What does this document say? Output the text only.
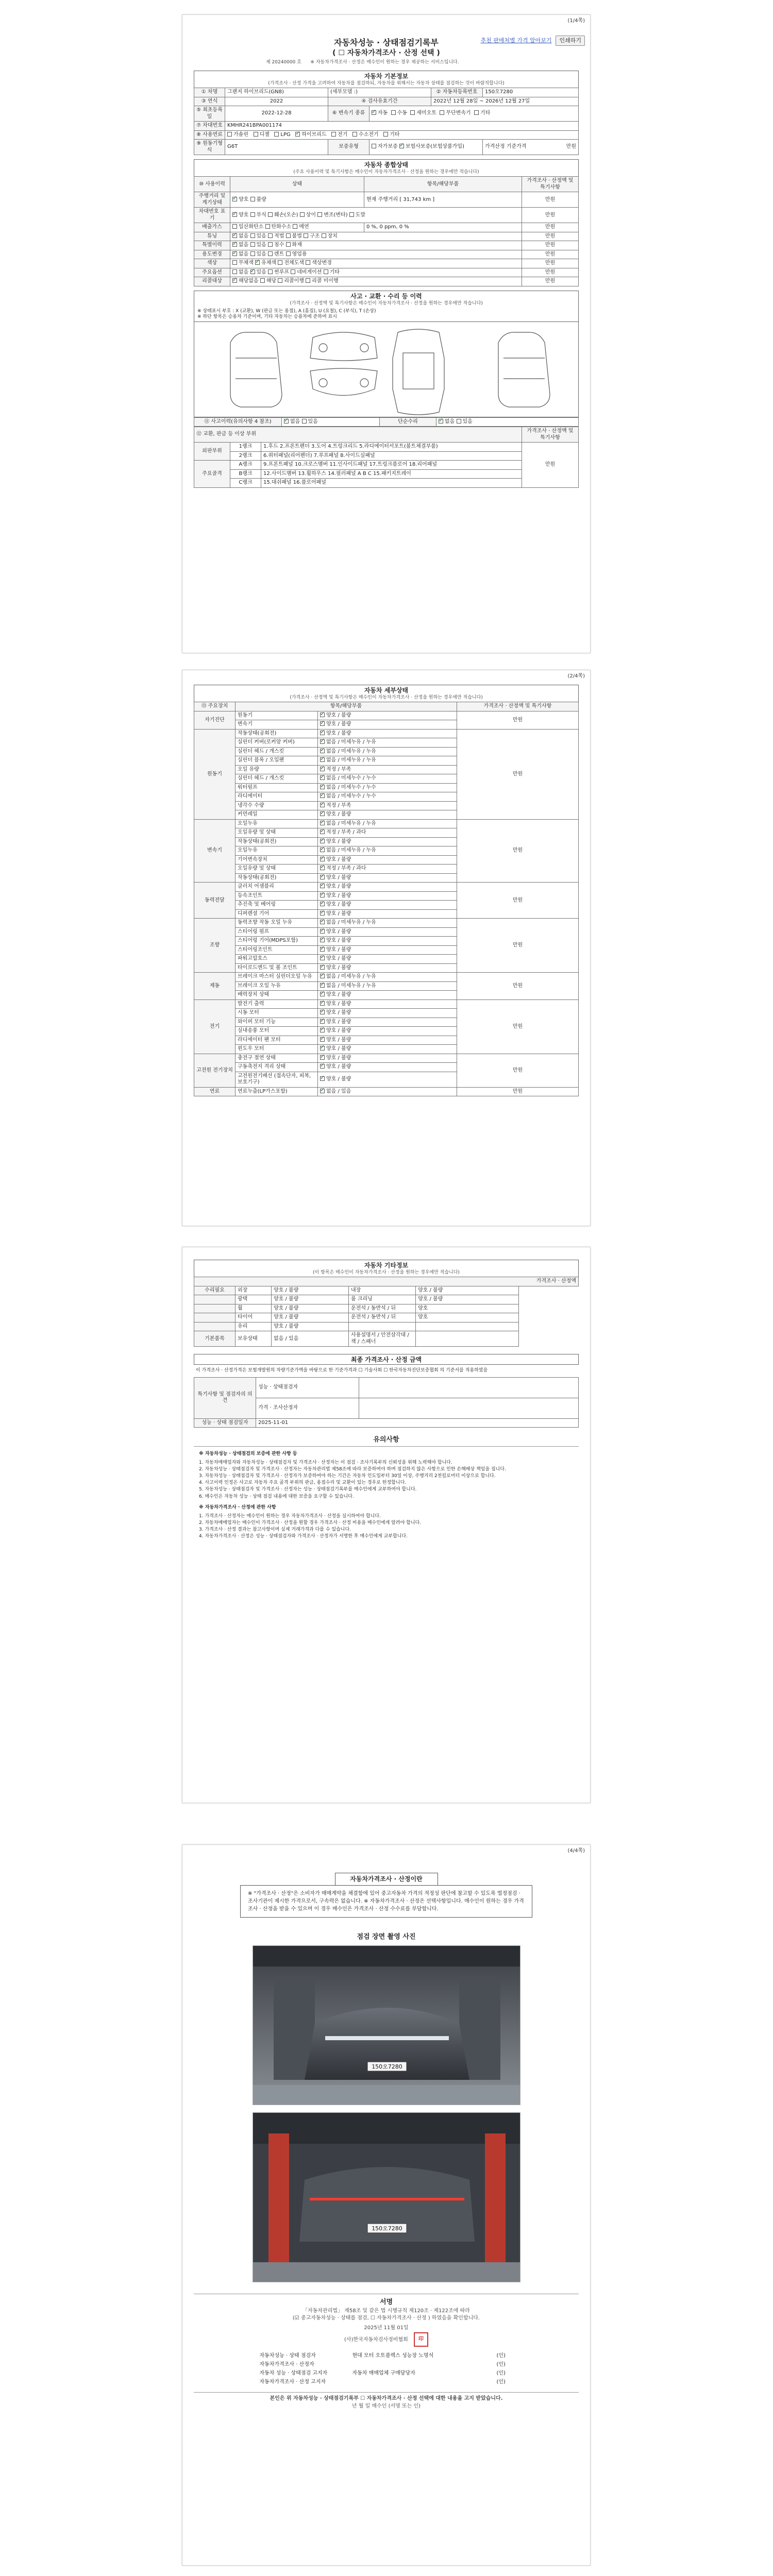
(1/4쪽)
추천 판매처별 가격 알아보기	인쇄하기
자동차성능 · 상태점검기록부
( ☐ 자동차가격조사 · 산정 선택 )
제 20240000 호 ※ 자동차가격조사 · 산정은 매수인이 원하는 경우 제공하는 서비스입니다.
자동차 기본정보
(가격조사 · 산정 가격을 고려하여 자동차를 점검하되, 자동차를 위해서는 자동차 상태를 점검하는 것이 바람직합니다)
① 차명	그랜저 하이브리드(GN8)	(세부모델 :)		② 자동차등록번호	150오7280
③ 연식	2022	④ 검사유효기간		2022년 12월 28일 ~ 2026년 12월 27일	
⑤ 최초등록일	2022-12-28	⑥ 변속기 종류	✓자동 수동 세미오토 무단변속기 기타
⑦ 차대번호	KMHR241BPA001174				
⑧ 사용연료	가솔린 디젤 LPG ✓ 하이브리드 전기 수소전기 기타
⑨ 원동기형식	G6T	보증유형	자가보증 ✓ 보험사보증(보험상품가입)		가격산정 기준가격 만원
자동차 종합상태
(주요 사용이력 및 특기사항은 매수인이 자동차가격조사 · 산정을 원하는 경우에만 적습니다)
⑩ 사용이력	상태	항목/해당부품	가격조사 · 산정액 및 특기사항
주행거리 및 계기상태	✓양호 불량	현재 주행거리 [ 31,743 km ]	만원
차대번호 표기	✓양호 부식 훼손(오손) 상이 변조(변타) 도말		만원
배출가스	일산화탄소 탄화수소 매연	0 %, 0 ppm, 0 %	만원
튜닝	✓없음 있음 적법 불법 구조 장치		만원
특별이력	✓없음 있음 침수 화재		만원
용도변경	✓없음 있음 렌트 영업용		만원
색상	무채색 ✓ 유채색 전체도색 색상변경		만원
주요옵션	없음 ✓ 있음 썬루프 네비게이션 기타		만원
리콜대상	✓해당없음 해당 리콜이행 리콜 미이행		만원
사고 · 교환 · 수리 등 이력
(가격조사 · 산정액 및 특기사항은 매수인이 자동차가격조사 · 산정을 원하는 경우에만 적습니다)
※ 상태표시 부호 : X (교환), W (판금 또는 용접), A (흠집), U (요철), C (부식), T (손상)
※ 하단 항목은 승용차 기준이며, 기타 자동차는 승용차에 준하여 표시
⑪ 사고이력(유의사항 4 참조)	✓없음 있음	단순수리	✓없음 있음
⑫ 교환, 판금 등 이상 부위			가격조사 · 산정액 및 특기사항
외판부위	1랭크	1.후드 2.프론트펜더 3.도어 4.트렁크리드 5.라디에이터서포트(볼트체결부품)	만원
	2랭크	6.쿼터패널(리어펜더) 7.루프패널 8.사이드실패널	
주요골격	A랭크	9.프론트패널 10.크로스멤버 11.인사이드패널 17.트렁크플로어 18.리어패널	
	B랭크	12.사이드멤버 13.휠하우스 14.필러패널 A B C 15.패키지트레이	
	C랭크	15.대쉬패널 16.플로어패널	
(2/4쪽)
자동차 세부상태
(가격조사 · 산정액 및 특기사항은 매수인이 자동차가격조사 · 산정을 원하는 경우에만 적습니다)
⑬ 주요장치	항목/해당부품		가격조사 · 산정액 및 특기사항
자기진단	원동기	✓양호 / 불량	만원
	변속기	✓양호 / 불량
원동기	작동상태(공회전)	✓양호 / 불량	만원
	실린더 커버(로커암 커버)	✓없음 / 미세누유 / 누유
	실린더 헤드 / 개스킷	✓없음 / 미세누유 / 누유
	실린더 블록 / 오일팬	✓없음 / 미세누유 / 누유
	오일 유량	✓적정 / 부족
	실린더 헤드 / 개스킷	✓없음 / 미세누수 / 누수
	워터펌프	✓없음 / 미세누수 / 누수
	라디에이터	✓없음 / 미세누수 / 누수
	냉각수 수량	✓적정 / 부족
	커먼레일	✓양호 / 불량
변속기	오일누유	✓없음 / 미세누유 / 누유	만원
	오일유량 및 상태	✓적정 / 부족 / 과다
	작동상태(공회전)	✓양호 / 불량
	오일누유	✓없음 / 미세누유 / 누유
	기어변속장치	✓양호 / 불량
	오일유량 및 상태	✓적정 / 부족 / 과다
	작동상태(공회전)	✓양호 / 불량
동력전달	클러치 어셈블리	✓양호 / 불량	만원
	등속조인트	✓양호 / 불량
	추진축 및 베어링	✓양호 / 불량
	디퍼렌셜 기어	✓양호 / 불량
조향	동력조향 작동 오일 누유	✓없음 / 미세누유 / 누유	만원
	스티어링 펌프	✓양호 / 불량
	스티어링 기어(MDPS포함)	✓양호 / 불량
	스티어링조인트	✓양호 / 불량
	파워고압호스	✓양호 / 불량
	타이로드엔드 및 볼 조인트	✓양호 / 불량
제동	브레이크 마스터 실린더오일 누유	✓없음 / 미세누유 / 누유	만원
	브레이크 오일 누유	✓없음 / 미세누유 / 누유
	배력장치 상태	✓양호 / 불량
전기	발전기 출력	✓양호 / 불량	만원
	시동 모터	✓양호 / 불량
	와이퍼 모터 기능	✓양호 / 불량
	실내송풍 모터	✓양호 / 불량
	라디에이터 팬 모터	✓양호 / 불량
	윈도우 모터	✓양호 / 불량
고전원 전기장치	충전구 절연 상태	✓양호 / 불량	만원
	구동축전지 격리 상태	✓양호 / 불량
	고전원전기배선 (접속단자, 피복, 보호기구)	✓양호 / 불량
연료	연료누출(LP가스포함)	✓없음 / 있음	만원
자동차 기타정보
(이 항목은 매수인이 자동차가격조사 · 산정을 원하는 경우에만 적습니다)
가격조사 · 산정액				
수리필요	외장	양호 / 불량	내장	양호 / 불량
	광택	양호 / 불량	룸 크리닝	양호 / 불량
	휠	양호 / 불량	운전석 / 동반석 / 뒤	양호
	타이어	양호 / 불량	운전석 / 동반석 / 뒤	양호
	유리	양호 / 불량		
기본품목	보유상태	없음 / 있음	사용설명서 / 안전삼각대 / 잭 / 스패너	
최종 가격조사 · 산정 금액
이 가격조사 · 산정가격은 보험개발원의 차량기준가액을 바탕으로 한 기준가격과 ☐ 기술사회 ☐ 한국자동차진단보증협회 의 기준서를 적용하였음
특기사항 및 점검자의 의견	성능 · 상태점검자	
	가격 · 조사산정자	
성능 · 상태 점검일자	2025-11-01	
유의사항
※ 자동차성능 · 상태점검의 보증에 관한 사항 등
1. 자동차매매업자와 자동차성능 · 상태점검자 및 가격조사 · 산정자는 이 점검 · 조사기록부의 신뢰성을 위해 노력해야 합니다.
2. 자동차성능 · 상태점검자 및 가격조사 · 산정자는 자동차관리법 제58조에 따라 보증하여야 하며 점검하지 않은 사항으로 인한 손해배상 책임을 집니다.
3. 자동차성능 · 상태점검자 및 가격조사 · 산정자가 보증하여야 하는 기간은 자동차 인도일부터 30일 이상, 주행거리 2천킬로미터 이상으로 합니다.
4. 사고이력 인정은 사고로 자동차 주요 골격 부위의 판금, 용접수리 및 교환이 있는 경우로 한정합니다.
5. 자동차성능 · 상태점검자 및 가격조사 · 산정자는 성능 · 상태점검기록부를 매수인에게 교부하여야 합니다.
6. 매수인은 자동차 성능 · 상태 점검 내용에 대한 보증을 요구할 수 있습니다.
※ 자동차가격조사 · 산정에 관한 사항
1. 가격조사 · 산정자는 매수인이 원하는 경우 자동차가격조사 · 산정을 실시하여야 합니다.
2. 자동차매매업자는 매수인이 가격조사 · 산정을 원할 경우 가격조사 · 산정 비용을 매수인에게 알려야 합니다.
3. 가격조사 · 산정 결과는 참고사항이며 실제 거래가격과 다를 수 있습니다.
4. 자동차가격조사 · 산정은 성능 · 상태점검자와 가격조사 · 산정자가 서명한 후 매수인에게 교부합니다.
(4/4쪽)
자동차가격조사 · 산정이란
※ "가격조사 · 산정"은 소비자가 매매계약을 체결함에 있어 중고자동차 가격의 적정성 판단에 참고할 수 있도록 법정점검 · 조사기관이 제시한 가격으로서, 구속력은 없습니다. ※ 자동차가격조사 · 산정은 선택사항입니다. 매수인이 원하는 경우 가격조사 · 산정을 받을 수 있으며 이 경우 매수인은 가격조사 · 산정 수수료를 부담합니다.
점검 장면 촬영 사진
150오7280
150오7280
서명
「자동차관리법」 제58조 및 같은 법 시행규칙 제120조 · 제122조에 따라
(☑ 중고자동차성능 · 상태를 점검, ☐ 자동차가격조사 · 산정 ) 하였음을 확인합니다.
2025년 11월 01일
(사)한국자동차검사정비협회 印
자동차성능 · 상태 점검자	현대 모터 오토플렉스 성능장 노명석	(인)
자동차가격조사 · 산정자		(인)
자동차 성능 · 상태점검 고지자	자동차 매매업체 구매담당자	(인)
자동차가격조사 · 산정 고지자		(인)
본인은 위 자동차성능 · 상태점검기록부 ☐ 자동차가격조사 · 산정 선택에 대한 내용을 고지 받았습니다.
년 월 일 매수인 (서명 또는 인)
